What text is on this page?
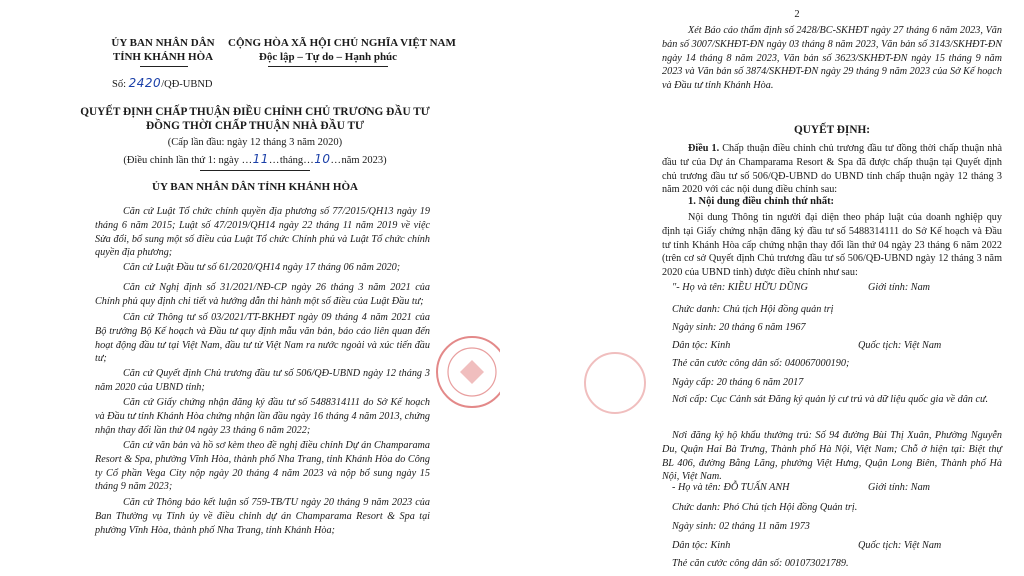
ỦY BAN NHÂN DÂN
TỈNH KHÁNH HÒA
CỘNG HÒA XÃ HỘI CHỦ NGHĨA VIỆT NAM
Độc lập – Tự do – Hạnh phúc
Số: 2420/QĐ-UBND
QUYẾT ĐỊNH CHẤP THUẬN ĐIỀU CHỈNH CHỦ TRƯƠNG ĐẦU TƯ
ĐỒNG THỜI CHẤP THUẬN NHÀ ĐẦU TƯ
(Cấp lần đầu: ngày 12 tháng 3 năm 2020)
(Điều chỉnh lần thứ 1: ngày …11…tháng…10…năm 2023)
ỦY BAN NHÂN DÂN TỈNH KHÁNH HÒA
Căn cứ Luật Tổ chức chính quyền địa phương số 77/2015/QH13 ngày 19 tháng 6 năm 2015; Luật số 47/2019/QH14 ngày 22 tháng 11 năm 2019 về việc Sửa đổi, bổ sung một số điều của Luật Tổ chức Chính phủ và Luật Tổ chức chính quyền địa phương;
Căn cứ Luật Đầu tư số 61/2020/QH14 ngày 17 tháng 06 năm 2020;
Căn cứ Nghị định số 31/2021/NĐ-CP ngày 26 tháng 3 năm 2021 của Chính phủ quy định chi tiết và hướng dẫn thi hành một số điều của Luật Đầu tư;
Căn cứ Thông tư số 03/2021/TT-BKHĐT ngày 09 tháng 4 năm 2021 của Bộ trưởng Bộ Kế hoạch và Đầu tư quy định mẫu văn bản, báo cáo liên quan đến hoạt động đầu tư tại Việt Nam, đầu tư từ Việt Nam ra nước ngoài và xúc tiến đầu tư;
Căn cứ Quyết định Chủ trương đầu tư số 506/QĐ-UBND ngày 12 tháng 3 năm 2020 của UBND tỉnh;
Căn cứ Giấy chứng nhận đăng ký đầu tư số 5488314111 do Sở Kế hoạch và Đầu tư tỉnh Khánh Hòa chứng nhận lần đầu ngày 16 tháng 4 năm 2013, chứng nhận thay đổi lần thứ 04 ngày 23 tháng 6 năm 2022;
Căn cứ văn bản và hồ sơ kèm theo đề nghị điều chỉnh Dự án Champarama Resort & Spa, phường Vĩnh Hòa, thành phố Nha Trang, tỉnh Khánh Hòa do Công ty Cổ phần Vega City nộp ngày 20 tháng 4 năm 2023 và nộp bổ sung ngày 15 tháng 9 năm 2023;
Căn cứ Thông báo kết luận số 759-TB/TU ngày 20 tháng 9 năm 2023 của Ban Thường vụ Tỉnh ủy về điều chỉnh dự án Champarama Resort & Spa tại phường Vĩnh Hòa, thành phố Nha Trang, tỉnh Khánh Hòa;
2
Xét Báo cáo thẩm định số 2428/BC-SKHĐT ngày 27 tháng 6 năm 2023, Văn bản số 3007/SKHĐT-ĐN ngày 03 tháng 8 năm 2023, Văn bản số 3143/SKHĐT-ĐN ngày 14 tháng 8 năm 2023, Văn bản số 3623/SKHĐT-ĐN ngày 15 tháng 9 năm 2023 và Văn bản số 3874/SKHĐT-ĐN ngày 29 tháng 9 năm 2023 của Sở Kế hoạch và Đầu tư tỉnh Khánh Hòa.
QUYẾT ĐỊNH:
Điều 1. Chấp thuận điều chỉnh chủ trương đầu tư đồng thời chấp thuận nhà đầu tư của Dự án Champarama Resort & Spa đã được chấp thuận tại Quyết định chủ trương đầu tư số 506/QĐ-UBND do UBND tỉnh chấp thuận ngày 12 tháng 3 năm 2020 với các nội dung điều chỉnh sau:
1. Nội dung điều chỉnh thứ nhất:
Nội dung Thông tin người đại diện theo pháp luật của doanh nghiệp quy định tại Giấy chứng nhận đăng ký đầu tư số 5488314111 do Sở Kế hoạch và Đầu tư tỉnh Khánh Hòa cấp chứng nhận thay đổi lần thứ 04 ngày 23 tháng 6 năm 2022 (trên cơ sở Quyết định Chủ trương đầu tư số 506/QĐ-UBND ngày 12 tháng 3 năm 2020 của UBND tỉnh) được điều chỉnh như sau:
"- Họ và tên: KIỀU HỮU DŨNG	Giới tính: Nam
Chức danh: Chủ tịch Hội đồng quản trị
Ngày sinh: 20 tháng 6 năm 1967
Dân tộc: Kinh	Quốc tịch: Việt Nam
Thẻ căn cước công dân số: 040067000190;
Ngày cấp: 20 tháng 6 năm 2017
Nơi cấp: Cục Cảnh sát Đăng ký quản lý cư trú và dữ liệu quốc gia về dân cư.
Nơi đăng ký hộ khẩu thường trú: Số 94 đường Bùi Thị Xuân, Phường Nguyễn Du, Quận Hai Bà Trưng, Thành phố Hà Nội, Việt Nam; Chỗ ở hiện tại: Biệt thự BL 406, đường Bằng Lăng, phường Việt Hưng, Quận Long Biên, Thành phố Hà Nội, Việt Nam.
- Họ và tên: ĐỖ TUẤN ANH	Giới tính: Nam
Chức danh: Phó Chủ tịch Hội đồng Quản trị.
Ngày sinh: 02 tháng 11 năm 1973
Dân tộc: Kinh	Quốc tịch: Việt Nam
Thẻ căn cước công dân số: 001073021789.
